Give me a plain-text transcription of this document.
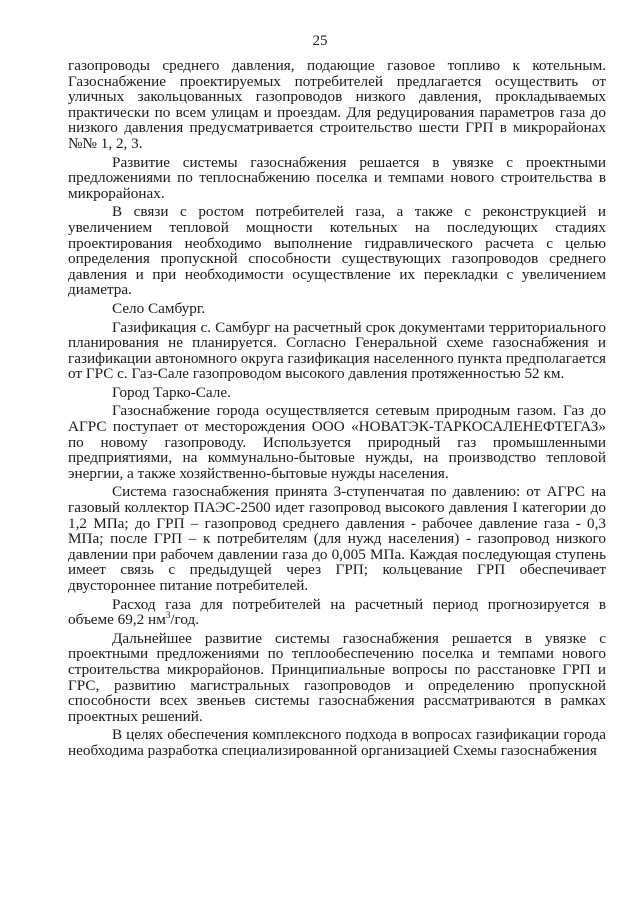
25

газопроводы среднего давления, подающие газовое топливо к котельным. Газоснабжение проектируемых потребителей предлагается осуществить от уличных закольцованных газопроводов низкого давления, прокладываемых практически по всем улицам и проездам. Для редуцирования параметров газа до низкого давления предусматривается строительство шести ГРП в микрорайонах №№ 1, 2, 3.

Развитие системы газоснабжения решается в увязке с проектными предложениями по теплоснабжению поселка и темпами нового строительства в микрорайонах.

В связи с ростом потребителей газа, а также с реконструкцией и увеличением тепловой мощности котельных на последующих стадиях проектирования необходимо выполнение гидравлического расчета с целью определения пропускной способности существующих газопроводов среднего давления и при необходимости осуществление их перекладки с увеличением диаметра.

Село Самбург.

Газификация с. Самбург на расчетный срок документами территориального планирования не планируется. Согласно Генеральной схеме газоснабжения и газификации автономного округа газификация населенного пункта предполагается от ГРС с. Газ-Сале газопроводом высокого давления протяженностью 52 км.

Город Тарко-Сале.

Газоснабжение города осуществляется сетевым природным газом. Газ до АГРС поступает от месторождения ООО «НОВАТЭК-ТАРКОСАЛЕНЕФТЕГАЗ» по новому газопроводу. Используется природный газ промышленными предприятиями, на коммунально-бытовые нужды, на производство тепловой энергии, а также хозяйственно-бытовые нужды населения.

Система газоснабжения принята 3-ступенчатая по давлению: от АГРС на газовый коллектор ПАЭС-2500 идет газопровод высокого давления I категории до 1,2 МПа; до ГРП – газопровод среднего давления - рабочее давление газа - 0,3 МПа; после ГРП – к потребителям (для нужд населения) - газопровод низкого давлении при рабочем давлении газа до 0,005 МПа. Каждая последующая ступень имеет связь с предыдущей через ГРП; кольцевание ГРП обеспечивает двустороннее питание потребителей.

Расход газа для потребителей на расчетный период прогнозируется в объеме 69,2 $нм^3$/год.

Дальнейшее развитие системы газоснабжения решается в увязке с проектными предложениями по теплообеспечению поселка и темпами нового строительства микрорайонов. Принципиальные вопросы по расстановке ГРП и ГРС, развитию магистральных газопроводов и определению пропускной способности всех звеньев системы газоснабжения рассматриваются в рамках проектных решений.

В целях обеспечения комплексного подхода в вопросах газификации города необходима разработка специализированной организацией Схемы газоснабжения
